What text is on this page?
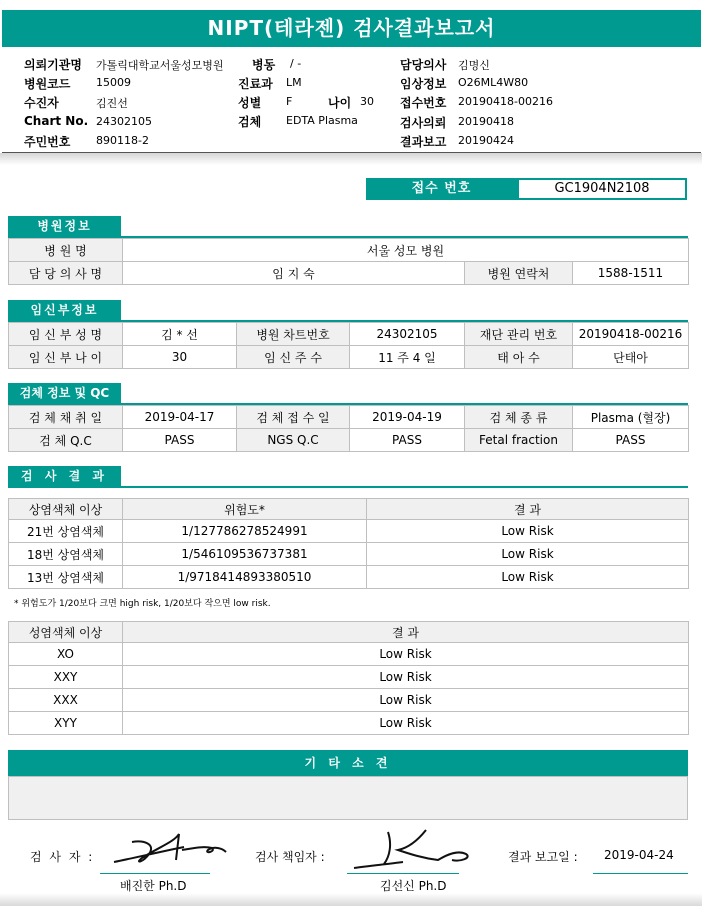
NIPT(테라젠) 검사결과보고서
의뢰기관명 가톨릭대학교서울성모병원 병동 / -	담당의사 김명신
병원코드 15009	진료과 LM	임상정보 O26ML4W80
수진자	김진선	성별 F	나이 30 접수번호 20190418-00216
Chart No. 24302105	검체 EDTA Plasma	검사의뢰 20190418
주민번호 890118-2	결과보고 20190424
접수 번호	GC1904N2108
병원정보
병 원 명	서울 성모 병원		
담 당 의 사 명	임 지 숙	병원 연락처	1588-1511
임신부정보
임 신 부 성 명	김 * 선	병원 차트번호	24302105	재단 관리 번호	20190418-00216
임 신 부 나 이	30	임 신 주 수	11 주 4 일	태 아 수	단태아
검체 정보 및 QC
검 체 채 취 일	2019-04-17	검 체 접 수 일	2019-04-19	검 체 종 류	Plasma (혈장)
검 체 Q.C	PASS	NGS Q.C	PASS	Fetal fraction	PASS
검 사 결 과
상염색체 이상	위험도*	결 과
21번 상염색체	1/127786278524991	Low Risk
18번 상염색체	1/546109536737381	Low Risk
13번 상염색체	1/9718414893380510	Low Risk
* 위험도가 1/20보다 크면 high risk, 1/20보다 작으면 low risk.
성염색체 이상	결 과
XO	Low Risk
XXY	Low Risk
XXX	Low Risk
XYY	Low Risk
기 타 소 견
검 사 자 :
배진한 Ph.D
검사 책임자 :
김선신 Ph.D
결과 보고일 : 2019-04-24
